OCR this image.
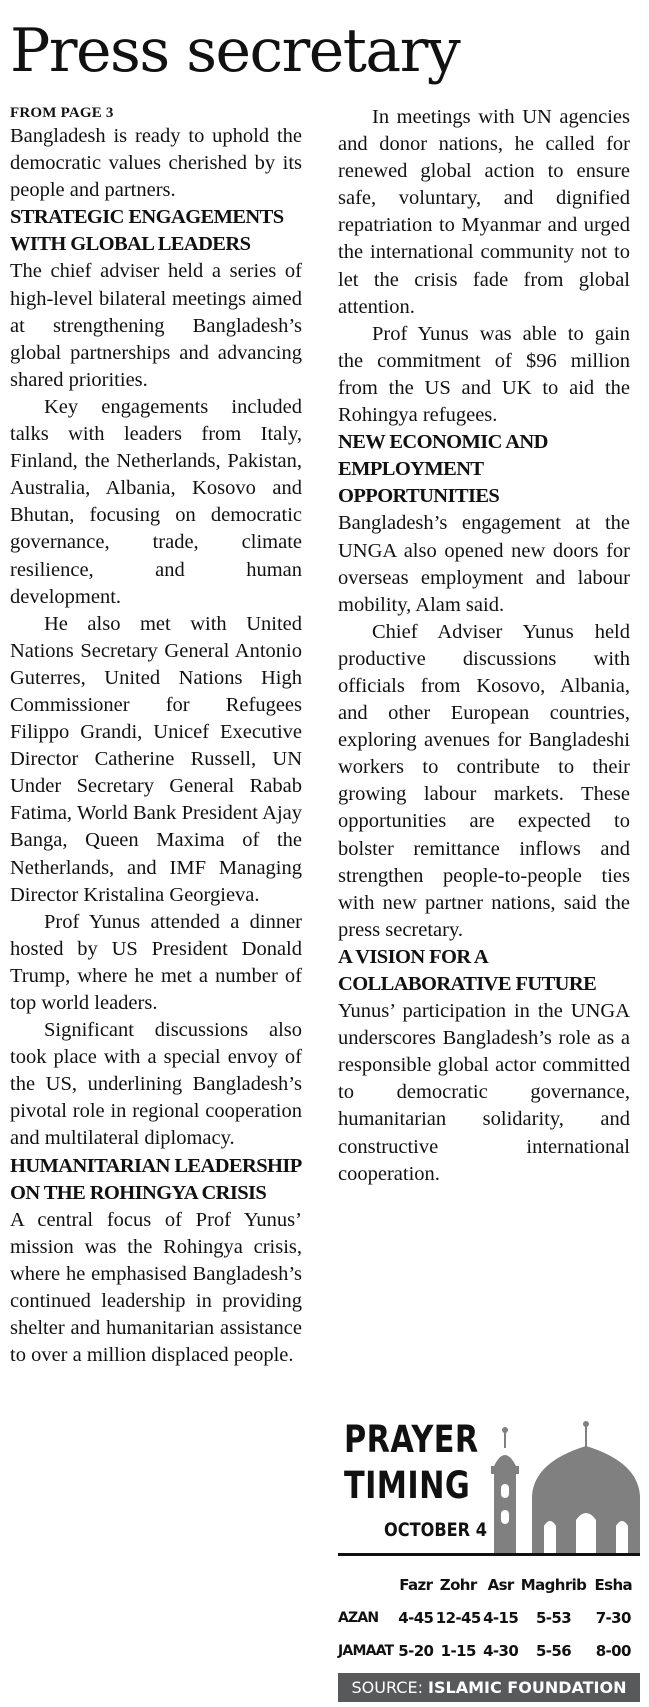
Press secretary
FROM PAGE 3

Bangladesh is ready to uphold the democratic values cherished by its people and partners.

STRATEGIC ENGAGEMENTS WITH GLOBAL LEADERS

The chief adviser held a series of high-level bilateral meetings aimed at strengthening Bangladesh’s global partnerships and advancing shared priorities.

Key engagements included talks with leaders from Italy, Finland, the Netherlands, Pakistan, Australia, Albania, Kosovo and Bhutan, focusing on democratic governance, trade, climate resilience, and human development.

He also met with United Nations Secretary General Antonio Guterres, United Nations High Commissioner for Refugees Filippo Grandi, Unicef Executive Director Catherine Russell, UN Under Secretary General Rabab Fatima, World Bank President Ajay Banga, Queen Maxima of the Netherlands, and IMF Managing Director Kristalina Georgieva.

Prof Yunus attended a dinner hosted by US President Donald Trump, where he met a number of top world leaders.

Significant discussions also took place with a special envoy of the US, underlining Bangladesh’s pivotal role in regional cooperation and multilateral diplomacy.

HUMANITARIAN LEADERSHIP ON THE ROHINGYA CRISIS

A central focus of Prof Yunus’ mission was the Rohingya crisis, where he emphasised Bangladesh’s continued leadership in providing shelter and humanitarian assistance to over a million displaced people.

In meetings with UN agencies and donor nations, he called for renewed global action to ensure safe, voluntary, and dignified repatriation to Myanmar and urged the international community not to let the crisis fade from global attention.

Prof Yunus was able to gain the commitment of $96 million from the US and UK to aid the Rohingya refugees.

NEW ECONOMIC AND EMPLOYMENT OPPORTUNITIES

Bangladesh’s engagement at the UNGA also opened new doors for overseas employment and labour mobility, Alam said.

Chief Adviser Yunus held productive discussions with officials from Kosovo, Albania, and other European countries, exploring avenues for Bangladeshi workers to contribute to their growing labour markets. These opportunities are expected to bolster remittance inflows and strengthen people-to-people ties with new partner nations, said the press secretary.

A VISION FOR A COLLABORATIVE FUTURE

Yunus’ participation in the UNGA underscores Bangladesh’s role as a responsible global actor committed to democratic governance, humanitarian solidarity, and constructive international cooperation.

PRAYER
TIMING
OCTOBER 4
	Fazr	Zohr	Asr	Maghrib	Esha
AZAN	4-45	12-45	4-15	5-53	7-30
JAMAAT	5-20	1-15	4-30	5-56	8-00
SOURCE: ISLAMIC FOUNDATION
